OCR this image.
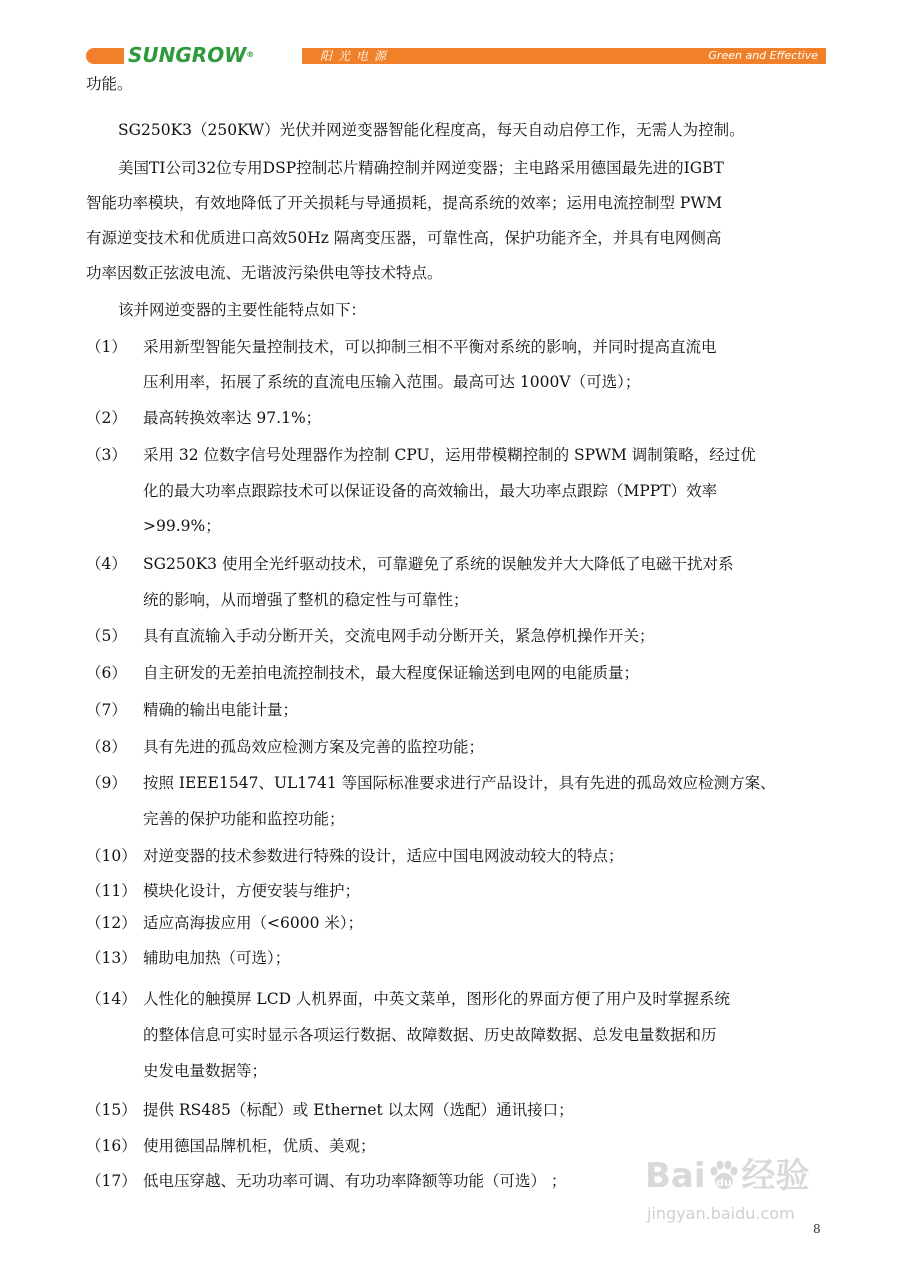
SUNGROW®	阳光电源	Green and Effective
功能。
SG250K3（250KW）光伏并网逆变器智能化程度高，每天自动启停工作，无需人为控制。
美国TI公司32位专用DSP控制芯片精确控制并网逆变器；主电路采用德国最先进的IGBT
智能功率模块，有效地降低了开关损耗与导通损耗，提高系统的效率；运用电流控制型 PWM
有源逆变技术和优质进口高效50Hz 隔离变压器，可靠性高，保护功能齐全，并具有电网侧高
功率因数正弦波电流、无谐波污染供电等技术特点。
该并网逆变器的主要性能特点如下：
（1） 采用新型智能矢量控制技术，可以抑制三相不平衡对系统的影响，并同时提高直流电
压利用率，拓展了系统的直流电压输入范围。最高可达 1000V（可选）；
（2） 最高转换效率达 97.1%；
（3） 采用 32 位数字信号处理器作为控制 CPU，运用带模糊控制的 SPWM 调制策略，经过优
化的最大功率点跟踪技术可以保证设备的高效输出，最大功率点跟踪（MPPT）效率
>99.9%；
（4） SG250K3 使用全光纤驱动技术，可靠避免了系统的误触发并大大降低了电磁干扰对系
统的影响，从而增强了整机的稳定性与可靠性；
（5） 具有直流输入手动分断开关，交流电网手动分断开关，紧急停机操作开关；
（6） 自主研发的无差拍电流控制技术，最大程度保证输送到电网的电能质量；
（7） 精确的输出电能计量；
（8） 具有先进的孤岛效应检测方案及完善的监控功能；
（9） 按照 IEEE1547、UL1741 等国际标准要求进行产品设计，具有先进的孤岛效应检测方案、
完善的保护功能和监控功能；
（10） 对逆变器的技术参数进行特殊的设计，适应中国电网波动较大的特点；
（11） 模块化设计，方便安装与维护；
（12） 适应高海拔应用（<6000 米）；
（13） 辅助电加热（可选）；
（14） 人性化的触摸屏 LCD 人机界面，中英文菜单，图形化的界面方便了用户及时掌握系统
的整体信息可实时显示各项运行数据、故障数据、历史故障数据、总发电量数据和历
史发电量数据等；
（15） 提供 RS485（标配）或 Ethernet 以太网（选配）通讯接口；
（16） 使用德国品牌机柜，优质、美观；
（17） 低电压穿越、无功功率可调、有功功率降额等功能（可选） ； Bai du 经验
jingyan.baidu.com
8
